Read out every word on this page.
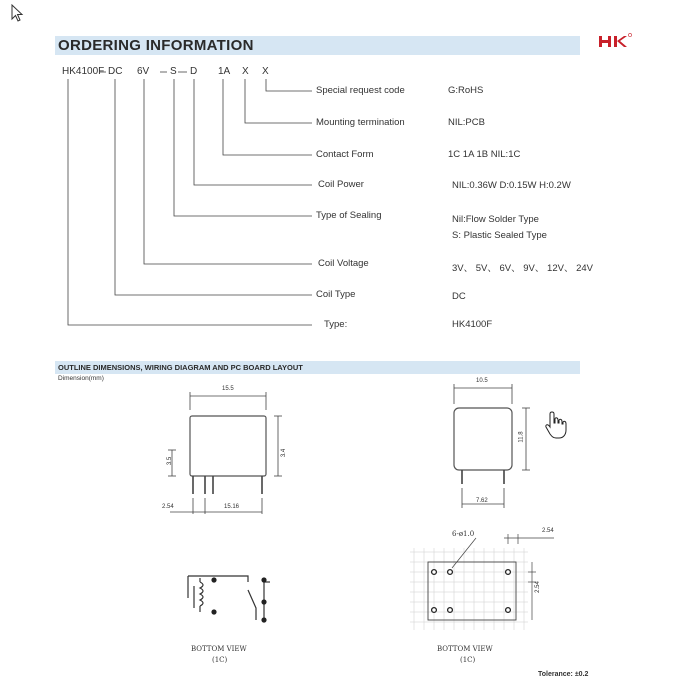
ORDERING INFORMATION
HK4100F DC 6V S D 1A X X
Special request code	G:RoHS
Mounting termination	NIL:PCB
Contact Form	1C 1A 1B NIL:1C
Coil Power	NIL:0.36W D:0.15W H:0.2W
Type of Sealing	Nil:Flow Solder Type
S: Plastic Sealed Type
Coil Voltage	3V、 5V、 6V、 9V、 12V、 24V
Coil Type	DC
Type:	HK4100F
OUTLINE DIMENSIONS, WIRING DIAGRAM AND PC BOARD LAYOUT
Dimension(mm)
15.5
3.5
3.4
2.54	15.16
10.5
11.8
7.62
BOTTOM VIEW
(1C)
6-ø1.0	2.54
2.54
BOTTOM VIEW
(1C)
Tolerance: ±0.2
